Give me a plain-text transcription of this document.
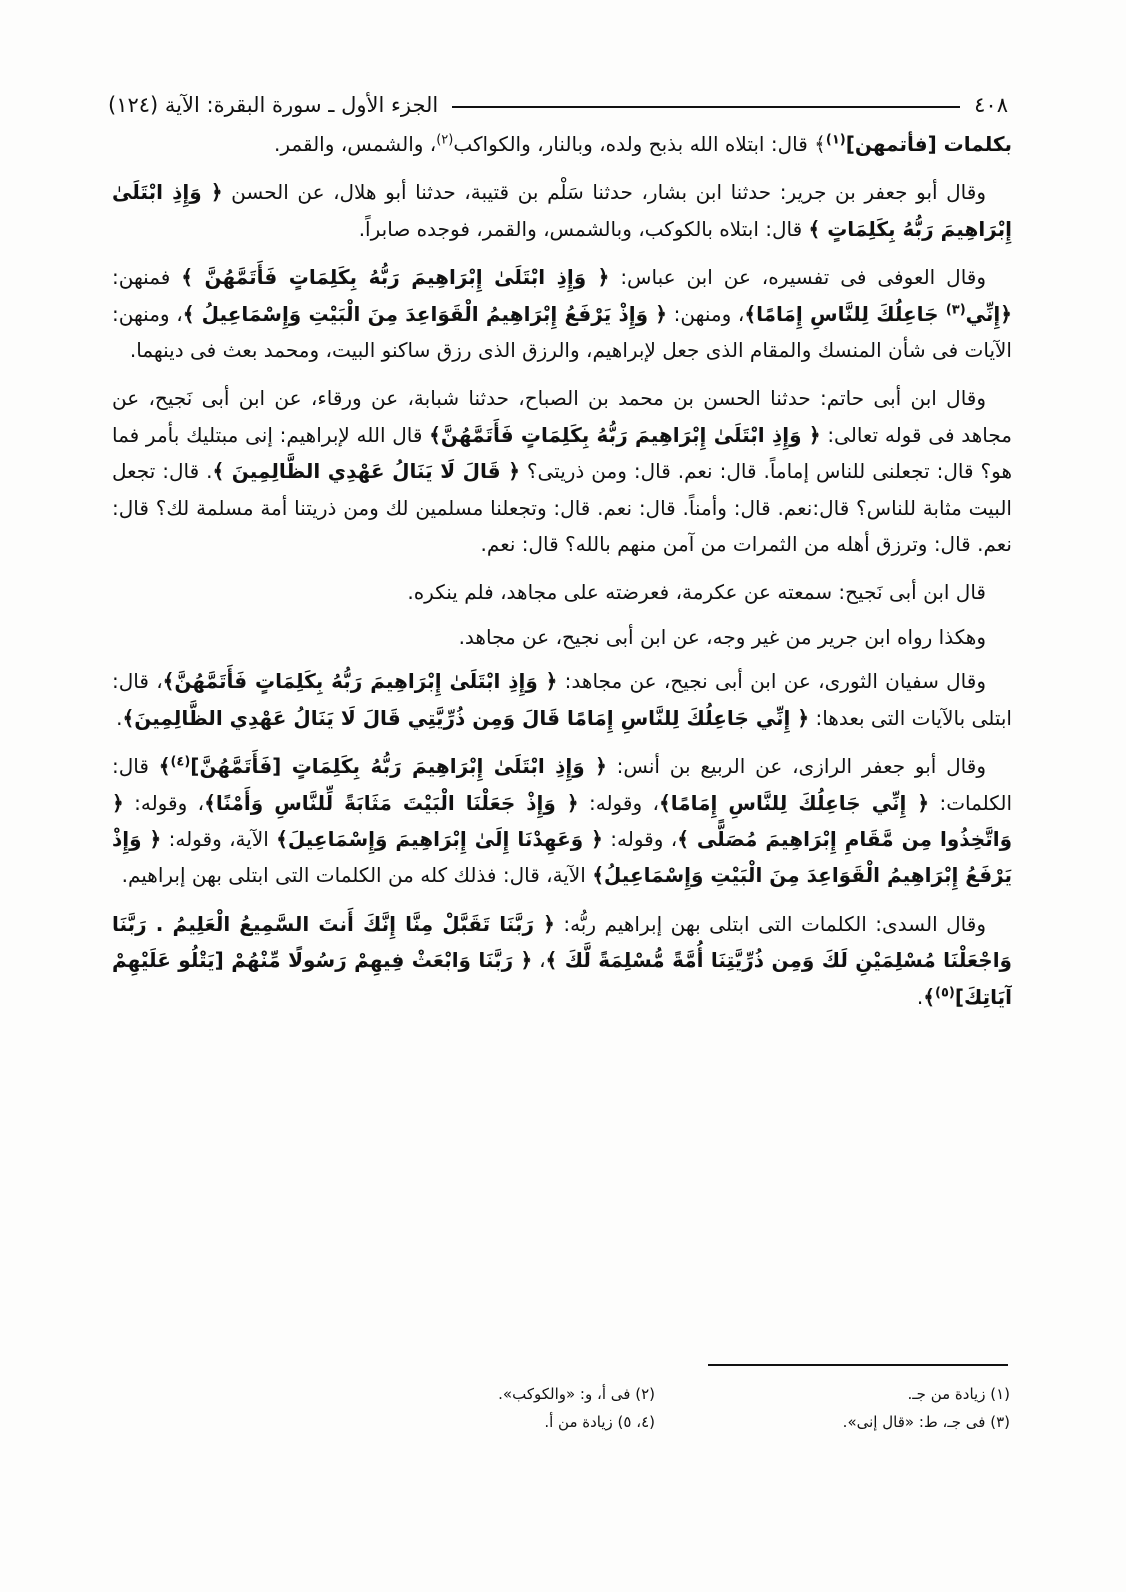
٤٠٨
الجزء الأول ـ سورة البقرة: الآية (١٢٤)

بكلمات [فأتمهن]$^{(١)}$﴾ قال: ابتلاه الله بذبح ولده، وبالنار، والكواكب$^{(٢)}$، والشمس، والقمر.

وقال أبو جعفر بن جرير: حدثنا ابن بشار، حدثنا سَلْم بن قتيبة، حدثنا أبو هلال، عن الحسن ﴿ وَإِذِ ابْتَلَىٰ إِبْرَاهِيمَ رَبُّهُ بِكَلِمَاتٍ ﴾ قال: ابتلاه بالكوكب، وبالشمس، والقمر، فوجده صابراً.

وقال العوفى فى تفسيره، عن ابن عباس: ﴿ وَإِذِ ابْتَلَىٰ إِبْرَاهِيمَ رَبُّهُ بِكَلِمَاتٍ فَأَتَمَّهُنَّ ﴾ فمنهن: ﴿إِنِّي$^{(٣)}$ جَاعِلُكَ لِلنَّاسِ إِمَامًا﴾، ومنهن: ﴿ وَإِذْ يَرْفَعُ إِبْرَاهِيمُ الْقَوَاعِدَ مِنَ الْبَيْتِ وَإِسْمَاعِيلُ ﴾، ومنهن: الآيات فى شأن المنسك والمقام الذى جعل لإبراهيم، والرزق الذى رزق ساكنو البيت، ومحمد بعث فى دينهما.

وقال ابن أبى حاتم: حدثنا الحسن بن محمد بن الصباح، حدثنا شبابة، عن ورقاء، عن ابن أبى نَجيح، عن مجاهد فى قوله تعالى: ﴿ وَإِذِ ابْتَلَىٰ إِبْرَاهِيمَ رَبُّهُ بِكَلِمَاتٍ فَأَتَمَّهُنَّ﴾ قال الله لإبراهيم: إنى مبتليك بأمر فما هو؟ قال: تجعلنى للناس إماماً. قال: نعم. قال: ومن ذريتى؟ ﴿ قَالَ لَا يَنَالُ عَهْدِي الظَّالِمِينَ ﴾. قال: تجعل البيت مثابة للناس؟ قال:نعم. قال: وأمناً. قال: نعم. قال: وتجعلنا مسلمين لك ومن ذريتنا أمة مسلمة لك؟ قال: نعم. قال: وترزق أهله من الثمرات من آمن منهم بالله؟ قال: نعم.

قال ابن أبى نَجيح: سمعته عن عكرمة، فعرضته على مجاهد، فلم ينكره.

وهكذا رواه ابن جرير من غير وجه، عن ابن أبى نجيح، عن مجاهد.

وقال سفيان الثورى، عن ابن أبى نجيح، عن مجاهد: ﴿ وَإِذِ ابْتَلَىٰ إِبْرَاهِيمَ رَبُّهُ بِكَلِمَاتٍ فَأَتَمَّهُنَّ﴾، قال: ابتلى بالآيات التى بعدها: ﴿ إِنِّي جَاعِلُكَ لِلنَّاسِ إِمَامًا قَالَ وَمِن ذُرِّيَّتِي قَالَ لَا يَنَالُ عَهْدِي الظَّالِمِينَ﴾.

وقال أبو جعفر الرازى، عن الربيع بن أنس: ﴿ وَإِذِ ابْتَلَىٰ إِبْرَاهِيمَ رَبُّهُ بِكَلِمَاتٍ [فَأَتَمَّهُنَّ]$^{(٤)}$﴾ قال: الكلمات: ﴿ إِنِّي جَاعِلُكَ لِلنَّاسِ إِمَامًا﴾، وقوله: ﴿ وَإِذْ جَعَلْنَا الْبَيْتَ مَثَابَةً لِّلنَّاسِ وَأَمْنًا﴾، وقوله: ﴿ وَاتَّخِذُوا مِن مَّقَامِ إِبْرَاهِيمَ مُصَلًّى ﴾، وقوله: ﴿ وَعَهِدْنَا إِلَىٰ إِبْرَاهِيمَ وَإِسْمَاعِيلَ﴾ الآية، وقوله: ﴿ وَإِذْ يَرْفَعُ إِبْرَاهِيمُ الْقَوَاعِدَ مِنَ الْبَيْتِ وَإِسْمَاعِيلُ﴾ الآية، قال: فذلك كله من الكلمات التى ابتلى بهن إبراهيم.

وقال السدى: الكلمات التى ابتلى بهن إبراهيم ربُّه: ﴿ رَبَّنَا تَقَبَّلْ مِنَّا إِنَّكَ أَنتَ السَّمِيعُ الْعَلِيمُ . رَبَّنَا وَاجْعَلْنَا مُسْلِمَيْنِ لَكَ وَمِن ذُرِّيَّتِنَا أُمَّةً مُّسْلِمَةً لَّكَ ﴾، ﴿ رَبَّنَا وَابْعَثْ فِيهِمْ رَسُولًا مِّنْهُمْ [يَتْلُو عَلَيْهِمْ آيَاتِكَ]$^{(٥)}$﴾.

(١) زيادة من جـ.
(٢) فى أ، و: «والكوكب».
(٣) فى جـ، ط: «قال إنى».
(٤، ٥) زيادة من أ.
